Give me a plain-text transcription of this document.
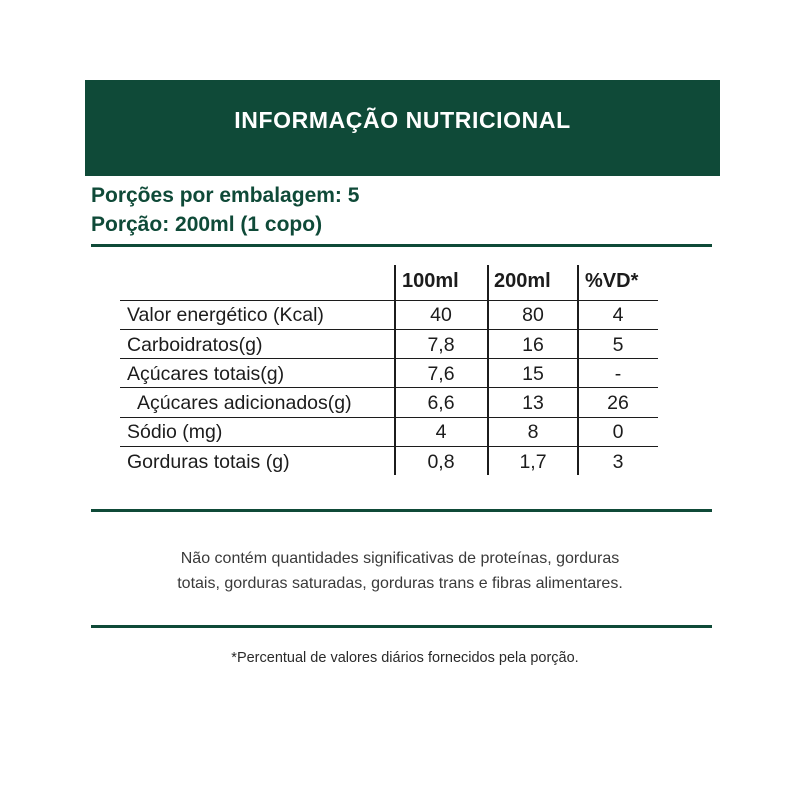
INFORMAÇÃO NUTRICIONAL
Porções por embalagem: 5
Porção: 200ml (1 copo)
100ml 200ml %VD*
Valor energético (Kcal)	40	80	4
Carboidratos(g)	7,8	16	5
Açúcares totais(g)	7,6	15	-
Açúcares adicionados(g)	6,6	13	26
Sódio (mg)	4	8	0
Gorduras totais (g)	0,8	1,7	3
Não contém quantidades significativas de proteínas, gorduras
totais, gorduras saturadas, gorduras trans e fibras alimentares.
*Percentual de valores diários fornecidos pela porção.
